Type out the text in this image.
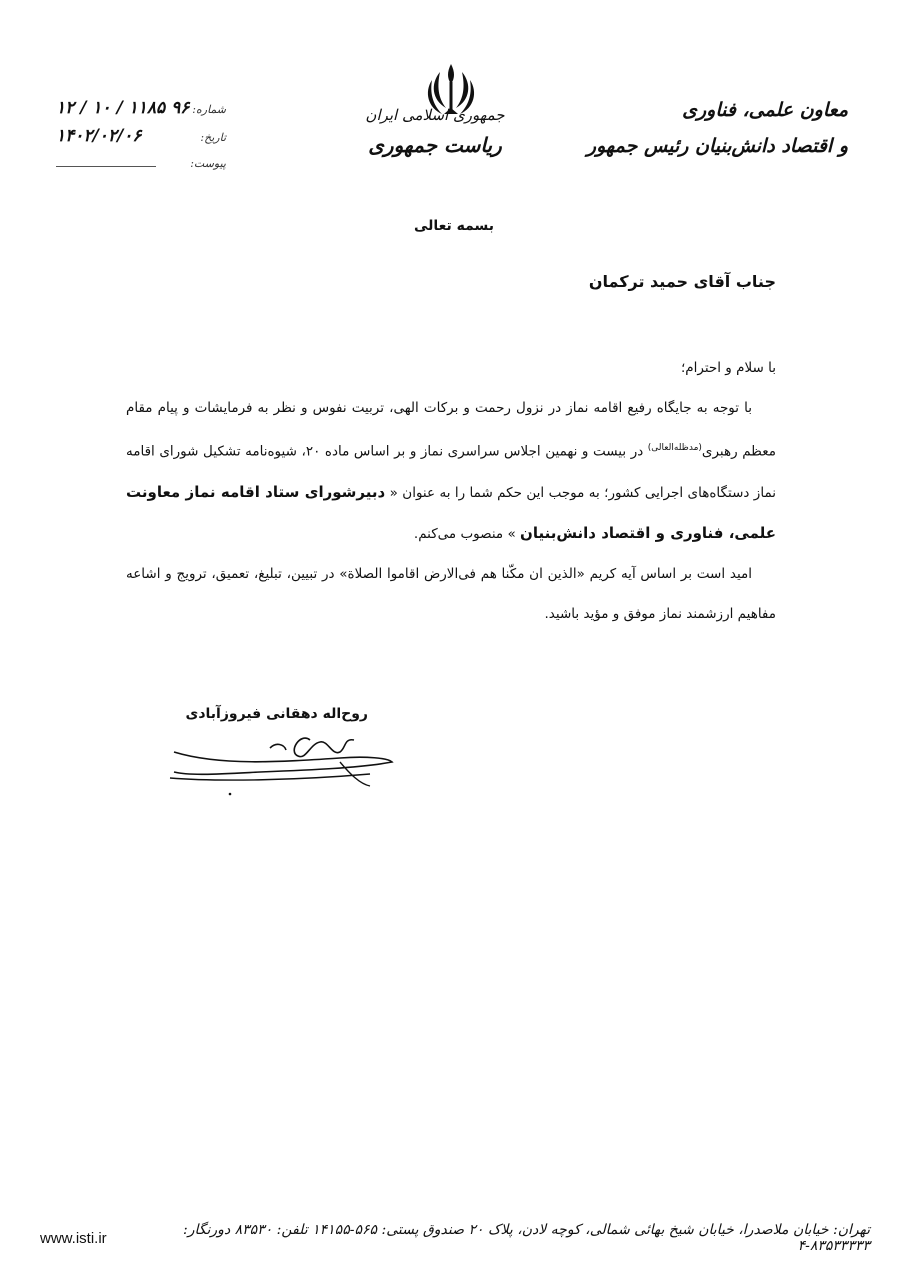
معاون علمی، فناوری
و اقتصاد دانش‌بنیان رئیس جمهور
جمهوری اسلامی ایران
ریاست جمهوری
شماره:
۹۶ ۱۱۸۵ / ۱۰ / ۱۲
تاریخ:
۱۴۰۲/۰۲/۰۶
پیوست:
بسمه تعالی
جناب آقای حمید ترکمان

با سلام و احترام؛

با توجه به جایگاه رفیع اقامه نماز در نزول رحمت و برکات الهی، تربیت نفوس و نظر به فرمایشات و پیام مقام معظم رهبری$^{(مدظله‌العالی)}$ در بیست و نهمین اجلاس سراسری نماز و بر اساس ماده ۲۰، شیوه‌نامه تشکیل شورای اقامه نماز دستگاه‌های اجرایی کشور؛ به موجب این حکم شما را به عنوان « دبیرشورای ستاد اقامه نماز معاونت علمی، فناوری و اقتصاد دانش‌بنیان » منصوب می‌کنم.

امید است بر اساس آیه کریم «الذین ان مکّنا هم فی‌الارض اقاموا الصلاة» در تبیین، تبلیغ، تعمیق، ترویج و اشاعه مفاهیم ارزشمند نماز موفق و مؤید باشید.

روح‌اله دهقانی فیروزآبادی
www.isti.ir	تهران: خیابان ملاصدرا، خیابان شیخ بهائی شمالی، کوچه لادن، پلاک ۲۰ صندوق پستی: ۵۶۵-۱۴۱۵۵ تلفن: ۸۳۵۳۰ دورنگار: ۸۳۵۳۳۳۳۳-۴
